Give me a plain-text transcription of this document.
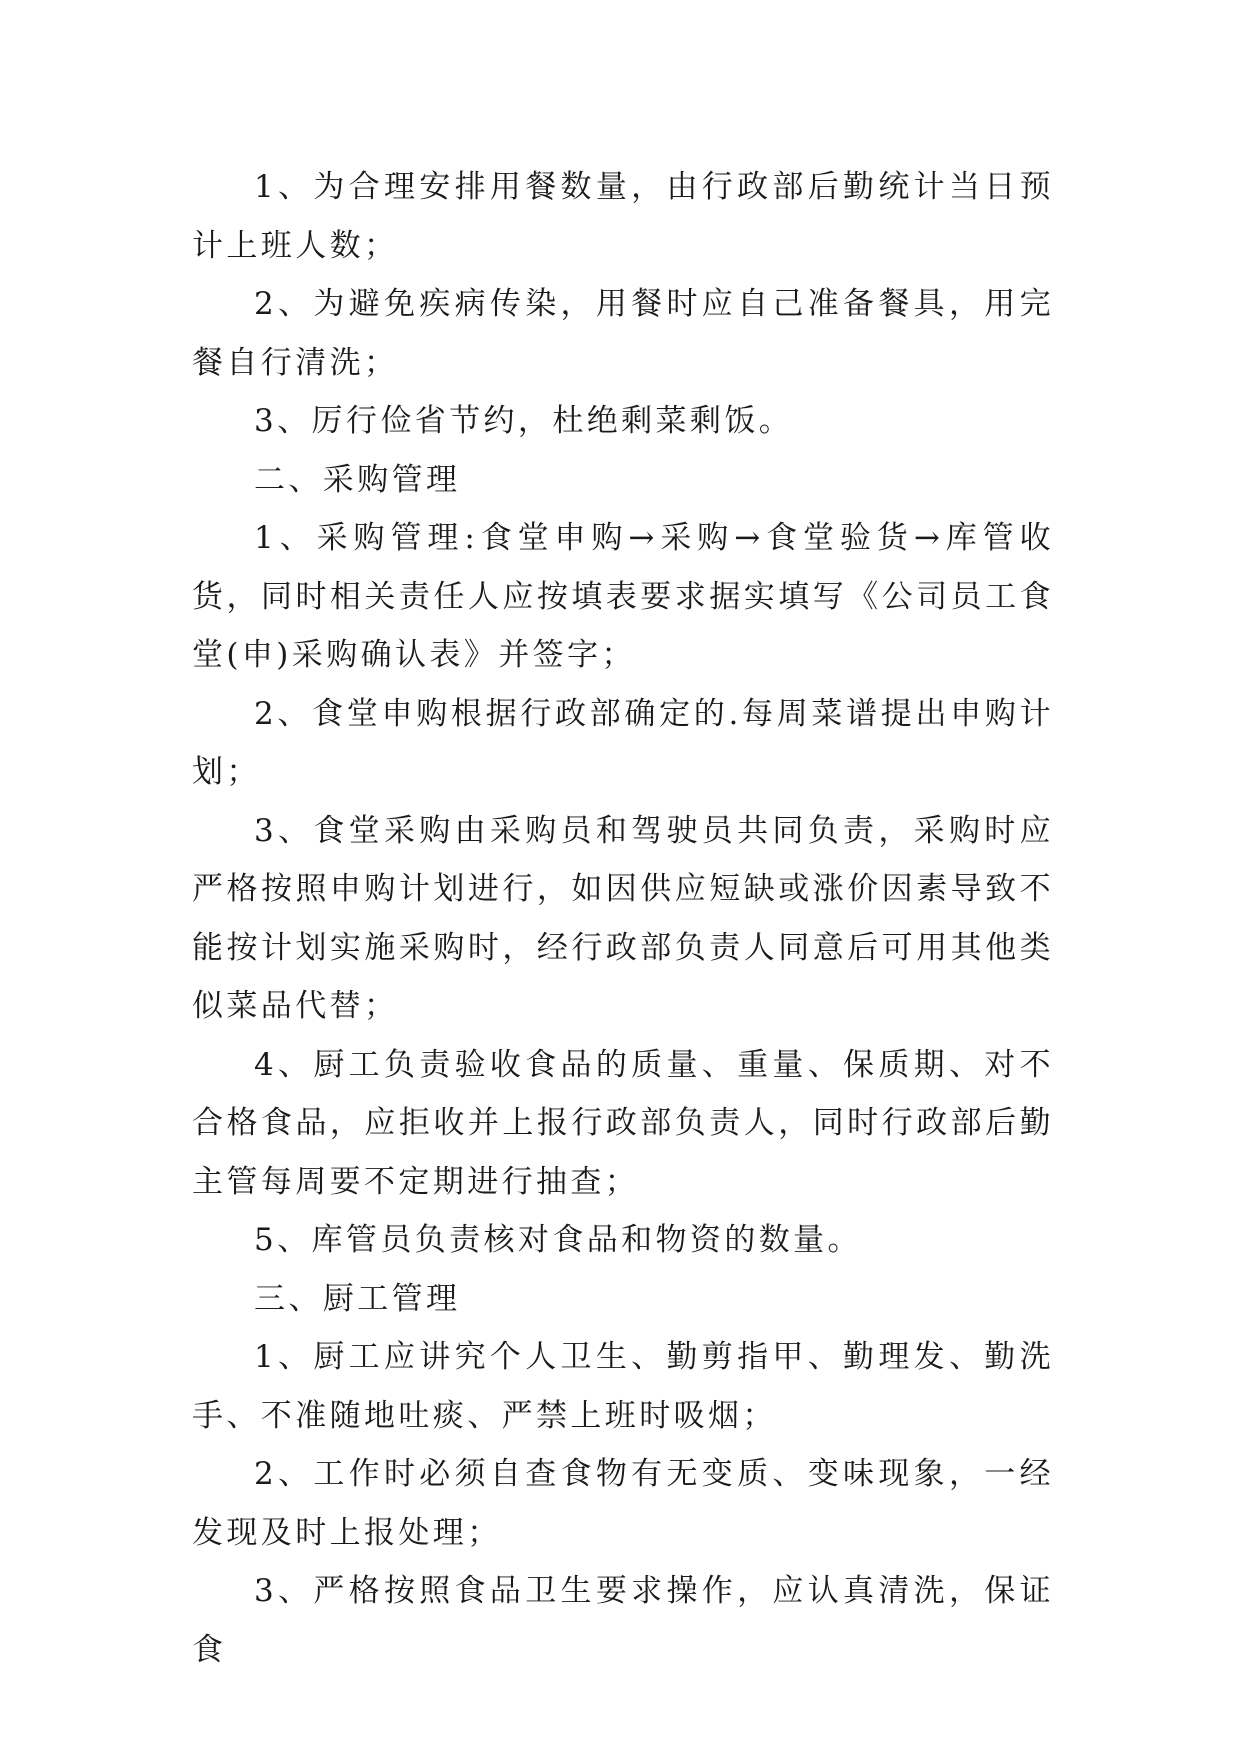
1、为合理安排用餐数量，由行政部后勤统计当日预计上班人数；

2、为避免疾病传染，用餐时应自己准备餐具，用完餐自行清洗；

3、厉行俭省节约，杜绝剩菜剩饭。

二、采购管理

1、采购管理:食堂申购→采购→食堂验货→库管收货，同时相关责任人应按填表要求据实填写《公司员工食堂(申)采购确认表》并签字；

2、食堂申购根据行政部确定的.每周菜谱提出申购计划；

3、食堂采购由采购员和驾驶员共同负责，采购时应严格按照申购计划进行，如因供应短缺或涨价因素导致不能按计划实施采购时，经行政部负责人同意后可用其他类似菜品代替；

4、厨工负责验收食品的质量、重量、保质期、对不合格食品，应拒收并上报行政部负责人，同时行政部后勤主管每周要不定期进行抽查；

5、库管员负责核对食品和物资的数量。

三、厨工管理

1、厨工应讲究个人卫生、勤剪指甲、勤理发、勤洗手、不准随地吐痰、严禁上班时吸烟；

2、工作时必须自查食物有无变质、变味现象，一经发现及时上报处理；

3、严格按照食品卫生要求操作，应认真清洗，保证食
